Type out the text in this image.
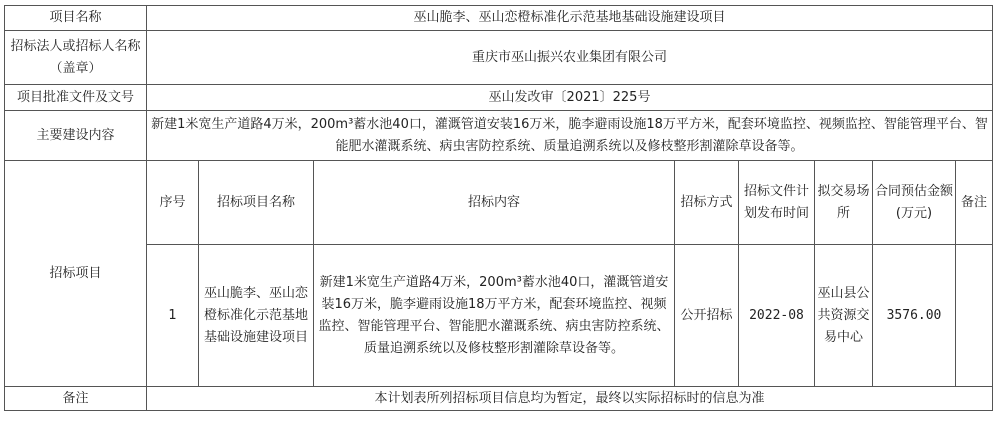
项目名称	巫山脆李、巫山恋橙标准化示范基地基础设施建设项目							
招标法人或招标人名称（盖章）	重庆市巫山振兴农业集团有限公司							
项目批准文件及文号	巫山发改审〔2021〕225号							
主要建设内容	新建1米宽生产道路4万米，200m³蓄水池40口，灌溉管道安装16万米，脆李避雨设施18万平方米，配套环境监控、视频监控、智能管理平台、智能肥水灌溉系统、病虫害防控系统、质量追溯系统以及修枝整形割灌除草设备等。							
招标项目	序号	招标项目名称	招标内容	招标方式	招标文件计划发布时间	拟交易场所	合同预估金额(万元)	备注
	1	巫山脆李、巫山恋橙标准化示范基地基础设施建设项目	新建1米宽生产道路4万米，200m³蓄水池40口，灌溉管道安装16万米，脆李避雨设施18万平方米，配套环境监控、视频监控、智能管理平台、智能肥水灌溉系统、病虫害防控系统、质量追溯系统以及修枝整形割灌除草设备等。	公开招标	2022-08	巫山县公共资源交易中心	3576.00	
备注	本计划表所列招标项目信息均为暂定，最终以实际招标时的信息为准							
